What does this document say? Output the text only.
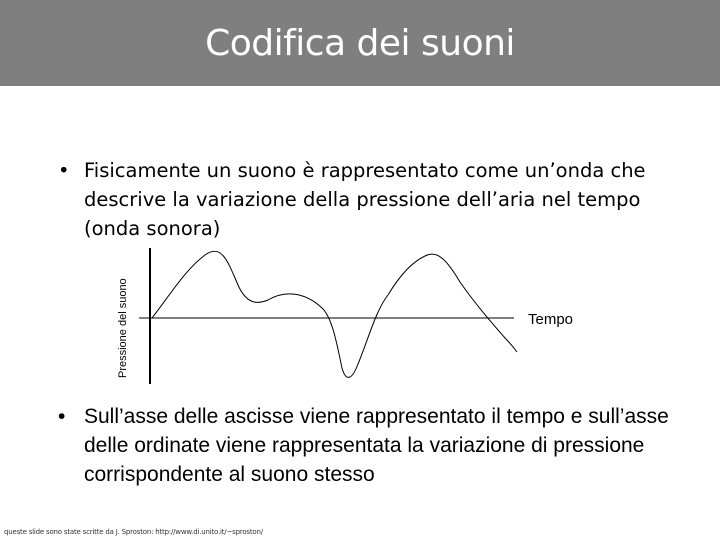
Codifica dei suoni
• Fisicamente un suono è rappresentato come un’onda che descrive la variazione della pressione dell’aria nel tempo (onda sonora)
Pressione del suono	Tempo
• Sull’asse delle ascisse viene rappresentato il tempo e sull’asse delle ordinate viene rappresentata la variazione di pressione corrispondente al suono stesso
queste slide sono state scritte da J. Sproston: http://www.di.unito.it/~sproston/
